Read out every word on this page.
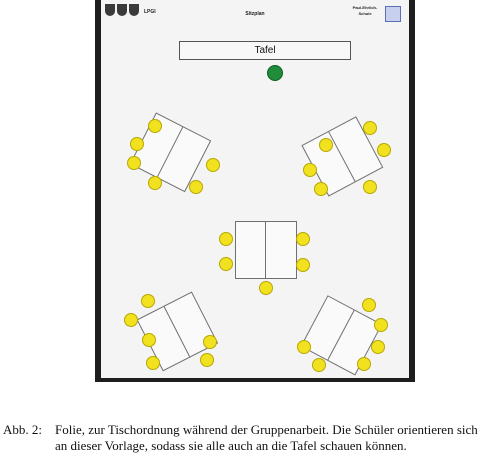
LPGI	Sitzplan
Paul-Ehrlich-Schule
Tafel
Abb. 2: Folie, zur Tischordnung während der Gruppenarbeit. Die Schüler orientieren sich an dieser Vorlage, sodass sie alle auch an die Tafel schauen können.
